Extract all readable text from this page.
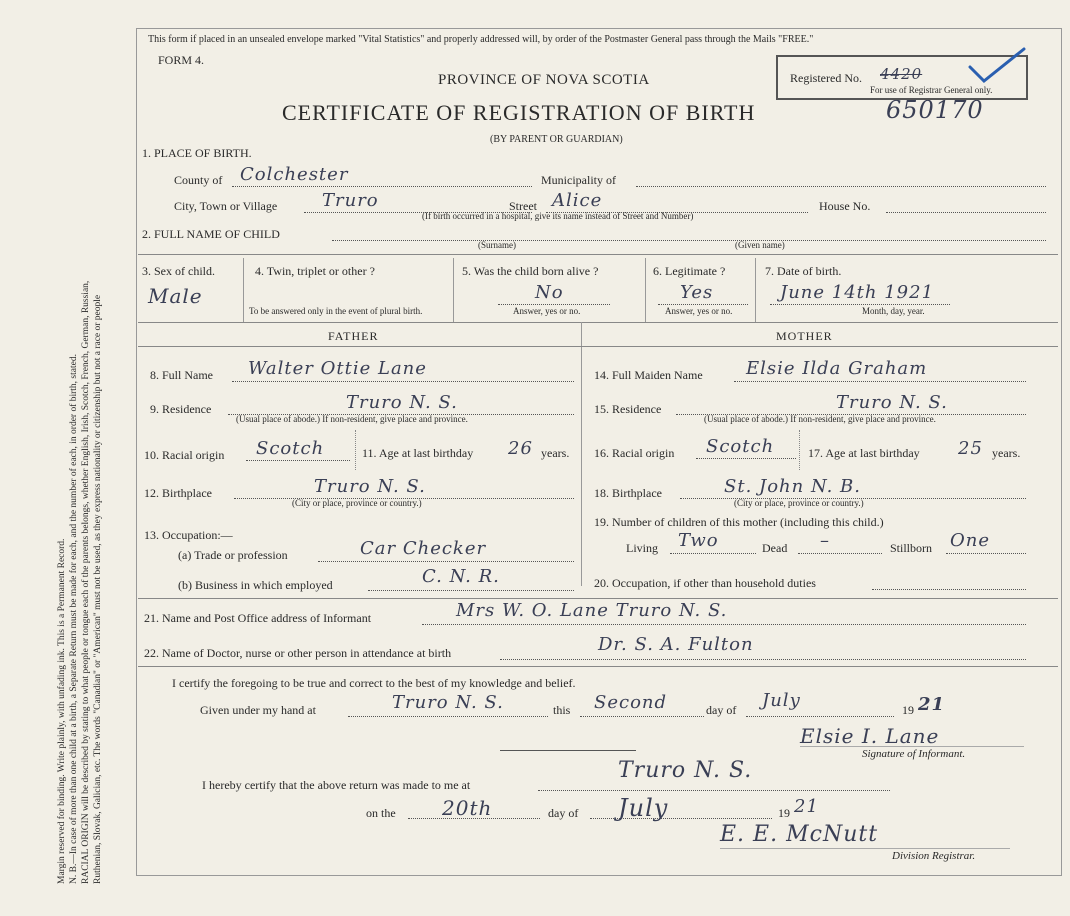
Margin reserved for binding. Write plainly, with unfading ink. This is a Permanent Record. N. B.—In case of more than one child at a birth, a Separate Return must be made for each, and the number of each, in order of birth, stated. RACIAL ORIGIN will be described by stating to what people or tongue each of the parents belongs, whether English, Irish, Scotch, French, German, Russian, Ruthenian, Slovak, Galician, etc. The words "Canadian" or "American" must not be used, as they express nationality or citizenship but not a race or people
This form if placed in an unsealed envelope marked "Vital Statistics" and properly addressed will, by order of the Postmaster General pass through the Mails "FREE."
FORM 4.
PROVINCE OF NOVA SCOTIA
CERTIFICATE OF REGISTRATION OF BIRTH
(BY PARENT OR GUARDIAN)
650170
Registered No. 4420
For use of Registrar General only.
1. PLACE OF BIRTH.
County of Colchester	Municipality of
City, Town or Village Truro	Street Alice	House No.
(If birth occurred in a hospital, give its name instead of Street and Number)
2. FULL NAME OF CHILD
(Surname)	(Given name)
3. Sex of child.
Male
4. Twin, triplet or other ?
To be answered only in the event of plural birth.
5. Was the child born alive ?
No
Answer, yes or no.
6. Legitimate ?
Yes
Answer, yes or no.
7. Date of birth.
June 14th 1921
Month, day, year.
FATHER	MOTHER
8. Full Name Walter Ottie Lane
9. Residence	Truro N. S.
(Usual place of abode.) If non-resident, give place and province.
10. Racial origin Scotch	11. Age at last birthday 26 years.
12. Birthplace	Truro N. S.
(City or place, province or country.)
13. Occupation:—
(a) Trade or profession	Car Checker
(b) Business in which employed	C. N. R.
14. Full Maiden Name Elsie Ilda Graham
15. Residence	Truro N. S.
(Usual place of abode.) If non-resident, give place and province.
16. Racial origin Scotch	17. Age at last birthday 25 years.
18. Birthplace	St. John N. B.
(City or place, province or country.)
19. Number of children of this mother (including this child.)
Living Two	Dead –	Stillborn One
20. Occupation, if other than household duties
21. Name and Post Office address of Informant	Mrs W. O. Lane Truro N. S.
22. Name of Doctor, nurse or other person in attendance at birth	Dr. S. A. Fulton
I certify the foregoing to be true and correct to the best of my knowledge and belief.
Given under my hand at	Truro N. S.	this Second	day of July	19 21
Elsie I. Lane
Signature of Informant.
I hereby certify that the above return was made to me at
Truro N. S.
on the 20th	day of July	19 21
E. E. McNutt
Division Registrar.
